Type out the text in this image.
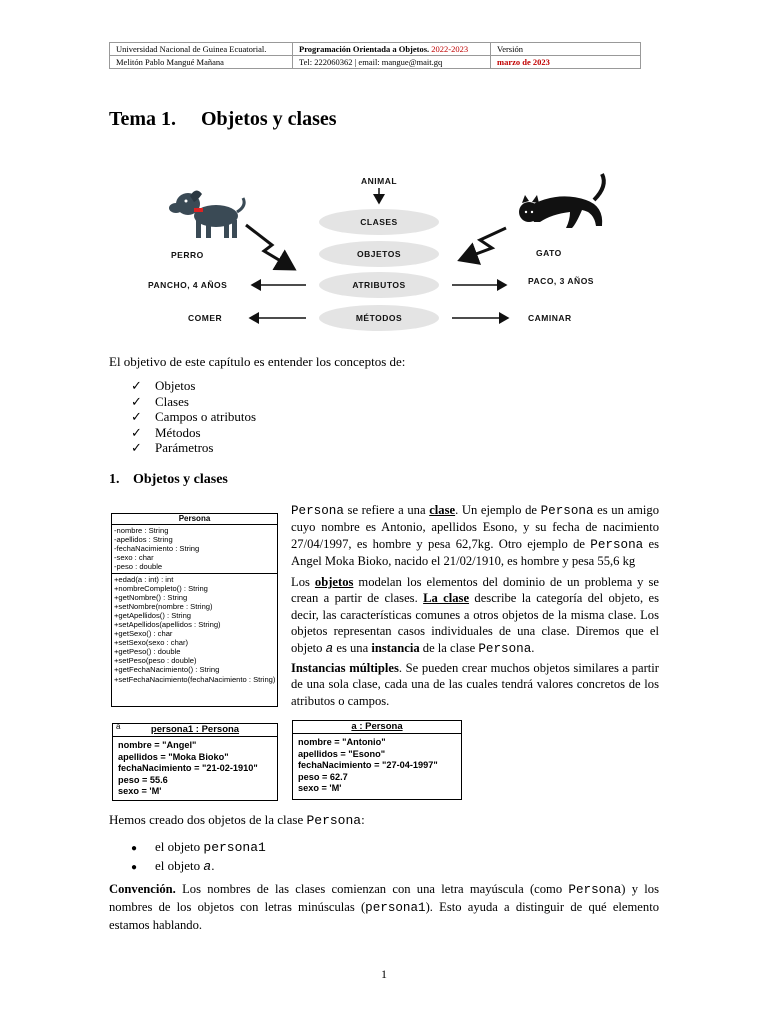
Universidad Nacional de Guinea Ecuatorial.	Programación Orientada a Objetos. 2022-2023	Versión
Melitón Pablo Mangué Mañana	Tel: 222060362 | email: mangue@mait.gq	marzo de 2023
Tema 1. Objetos y clases
ANIMAL
CLASES
OBJETOS
ATRIBUTOS
MÉTODOS
PERRO	GATO
PANCHO, 4 AÑOS	PACO, 3 AÑOS
COMER	CAMINAR

El objetivo de este capítulo es entender los conceptos de:

✓ Objetos
✓ Clases
✓ Campos o atributos
✓ Métodos
✓ Parámetros
1. Objetos y clases
Persona
-nombre : String
-apellidos : String
-fechaNacimiento : String
-sexo : char
-peso : double
+edad(a : int) : int
+nombreCompleto() : String
+getNombre() : String
+setNombre(nombre : String)
+getApellidos() : String
+setApellidos(apellidos : String)
+getSexo() : char
+setSexo(sexo : char)
+getPeso() : double
+setPeso(peso : double)
+getFechaNacimiento() : String
+setFechaNacimiento(fechaNacimiento : String)

Persona se refiere a una clase. Un ejemplo de Persona es un amigo cuyo nombre es Antonio, apellidos Esono, y su fecha de nacimiento 27/04/1997, es hombre y pesa 62,7kg. Otro ejemplo de Persona es Angel Moka Bioko, nacido el 21/02/1910, es hombre y pesa 55,6 kg

Los objetos modelan los elementos del dominio de un problema y se crean a partir de clases. La clase describe la categoría del objeto, es decir, las características comunes a otros objetos de la misma clase. Los objetos representan casos individuales de una clase. Diremos que el objeto a es una instancia de la clase Persona.

Instancias múltiples. Se pueden crear muchos objetos similares a partir de una sola clase, cada una de las cuales tendrá valores concretos de los atributos o campos.

a	persona1 : Persona
nombre = "Angel"
apellidos = "Moka Bioko"
fechaNacimiento = "21-02-1910"
peso = 55.6
sexo = 'M'
a : Persona
nombre = "Antonio"
apellidos = "Esono"
fechaNacimiento = "27-04-1997"
peso = 62.7
sexo = 'M'

Hemos creado dos objetos de la clase Persona:

● el objeto persona1
● el objeto a.

Convención. Los nombres de las clases comienzan con una letra mayúscula (como Persona) y los nombres de los objetos con letras minúsculas (persona1). Esto ayuda a distinguir de qué elemento estamos hablando.

1
